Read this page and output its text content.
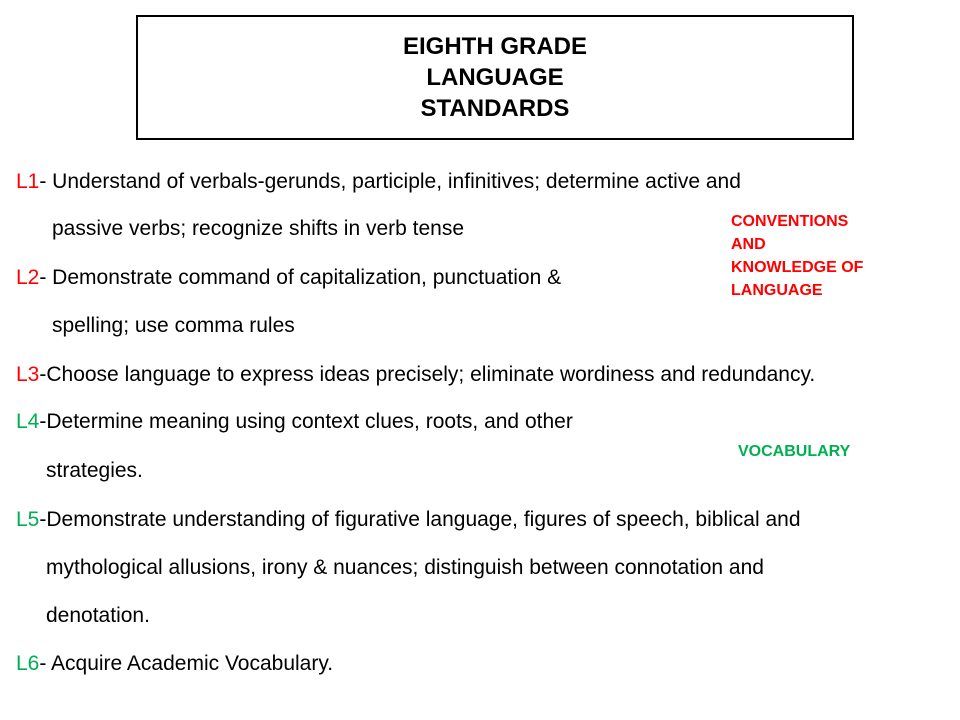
EIGHTH GRADE
LANGUAGE
STANDARDS
L1- Understand of verbals-gerunds, participle, infinitives; determine active and
passive verbs; recognize shifts in verb tense
L2- Demonstrate command of capitalization, punctuation &
spelling; use comma rules
L3-Choose language to express ideas precisely; eliminate wordiness and redundancy.
L4-Determine meaning using context clues, roots, and other
strategies.
L5-Demonstrate understanding of figurative language, figures of speech, biblical and
mythological allusions, irony & nuances; distinguish between connotation and
denotation.
L6- Acquire Academic Vocabulary.
CONVENTIONS
AND
KNOWLEDGE OF
LANGUAGE
VOCABULARY
